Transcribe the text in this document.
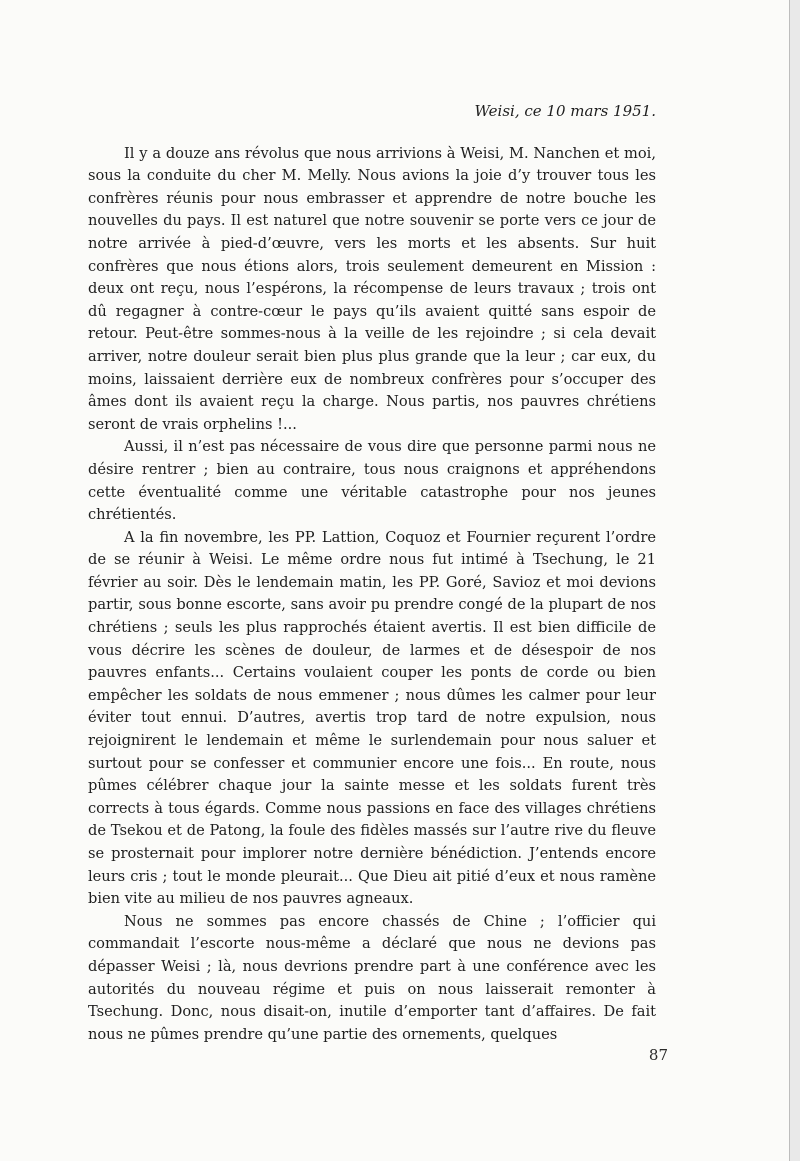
Weisi, ce 10 mars 1951.

Il y a douze ans révolus que nous arrivions à Weisi, M. Nanchen et moi, sous la conduite du cher M. Melly. Nous avions la joie d’y trouver tous les confrères réunis pour nous embrasser et apprendre de notre bouche les nouvelles du pays. Il est naturel que notre souvenir se porte vers ce jour de notre arrivée à pied-d’œuvre, vers les morts et les absents. Sur huit confrères que nous étions alors, trois seulement demeurent en Mission : deux ont reçu, nous l’espérons, la récompense de leurs travaux ; trois ont dû regagner à contre-cœur le pays qu’ils avaient quitté sans espoir de retour. Peut-être sommes-nous à la veille de les rejoindre ; si cela devait arriver, notre douleur serait bien plus plus grande que la leur ; car eux, du moins, laissaient derrière eux de nombreux confrères pour s’occuper des âmes dont ils avaient reçu la charge. Nous partis, nos pauvres chrétiens seront de vrais orphelins !...

Aussi, il n’est pas nécessaire de vous dire que personne parmi nous ne désire rentrer ; bien au contraire, tous nous craignons et appréhendons cette éventualité comme une véritable catastrophe pour nos jeunes chrétientés.

A la fin novembre, les PP. Lattion, Coquoz et Fournier reçurent l’ordre de se réunir à Weisi. Le même ordre nous fut intimé à Tsechung, le 21 février au soir. Dès le lendemain matin, les PP. Goré, Savioz et moi devions partir, sous bonne escorte, sans avoir pu prendre congé de la plupart de nos chrétiens ; seuls les plus rapprochés étaient avertis. Il est bien difficile de vous décrire les scènes de douleur, de larmes et de désespoir de nos pauvres enfants... Certains voulaient couper les ponts de corde ou bien empêcher les soldats de nous emmener ; nous dûmes les calmer pour leur éviter tout ennui. D’autres, avertis trop tard de notre expulsion, nous rejoignirent le lendemain et même le surlendemain pour nous saluer et surtout pour se confesser et communier encore une fois... En route, nous pûmes célébrer chaque jour la sainte messe et les soldats furent très corrects à tous égards. Comme nous passions en face des villages chrétiens de Tsekou et de Patong, la foule des fidèles massés sur l’autre rive du fleuve se prosternait pour implorer notre dernière bénédiction. J’entends encore leurs cris ; tout le monde pleurait... Que Dieu ait pitié d’eux et nous ramène bien vite au milieu de nos pauvres agneaux.

Nous ne sommes pas encore chassés de Chine ; l’officier qui commandait l’escorte nous-même a déclaré que nous ne devions pas dépasser Weisi ; là, nous devrions prendre part à une conférence avec les autorités du nouveau régime et puis on nous laisserait remonter à Tsechung. Donc, nous disait-on, inutile d’emporter tant d’affaires. De fait nous ne pûmes prendre qu’une partie des ornements, quelques

87
